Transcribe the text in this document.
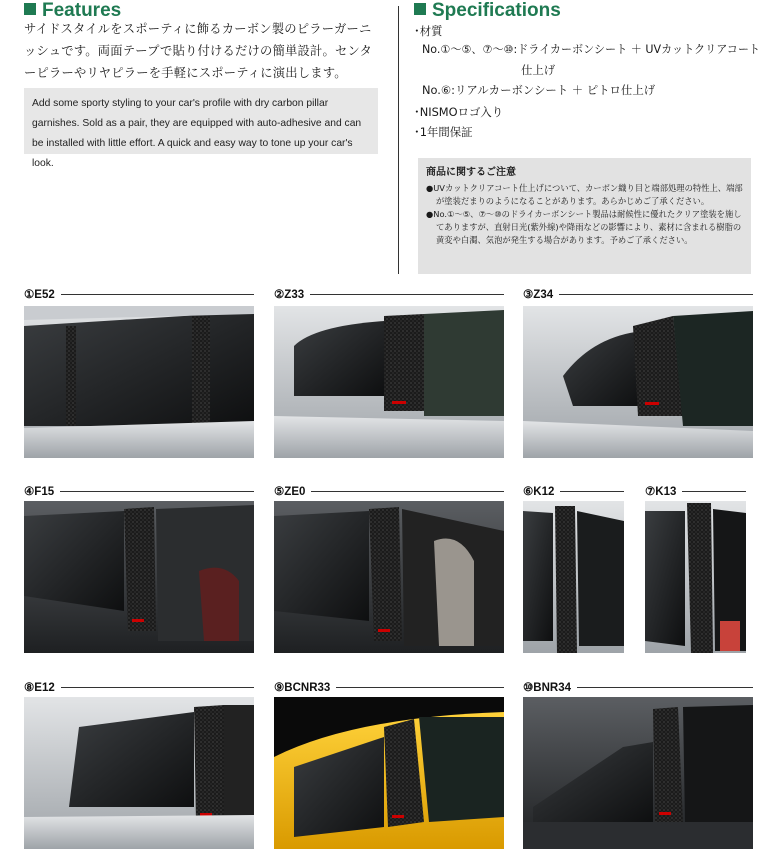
Features
サイドスタイルをスポーティに飾るカーボン製のピラーガーニッシュです。両面テープで貼り付けるだけの簡単設計。センターピラーやリヤピラーを手軽にスポーティに演出します。
Add some sporty styling to your car's profile with dry carbon pillar garnishes. Sold as a pair, they are equipped with auto-adhesive and can be installed with little effort. A quick and easy way to tone up your car's look.
Specifications
･材質
No.①～⑤、⑦～⑩:ドライカーボンシート ＋ UVカットクリアコート
仕上げ
No.⑥:リアルカーボンシート ＋ ピトロ仕上げ
･NISMOロゴ入り
･1年間保証
商品に関するご注意
●UVカットクリアコート仕上げについて、カーボン織り目と端部処理の特性上、端部が塗装だまりのようになることがあります。あらかじめご了承ください。
●No.①～⑤、⑦～⑩のドライカーボンシート製品は耐候性に優れたクリア塗装を施してありますが、直射日光(紫外線)や降雨などの影響により、素材に含まれる樹脂の黄変や白濁、気泡が発生する場合があります。予めご了承ください。
①E52	②Z33	③Z34
④F15	⑤ZE0	⑥K12	⑦K13
⑧E12	⑨BCNR33	⑩BNR34
